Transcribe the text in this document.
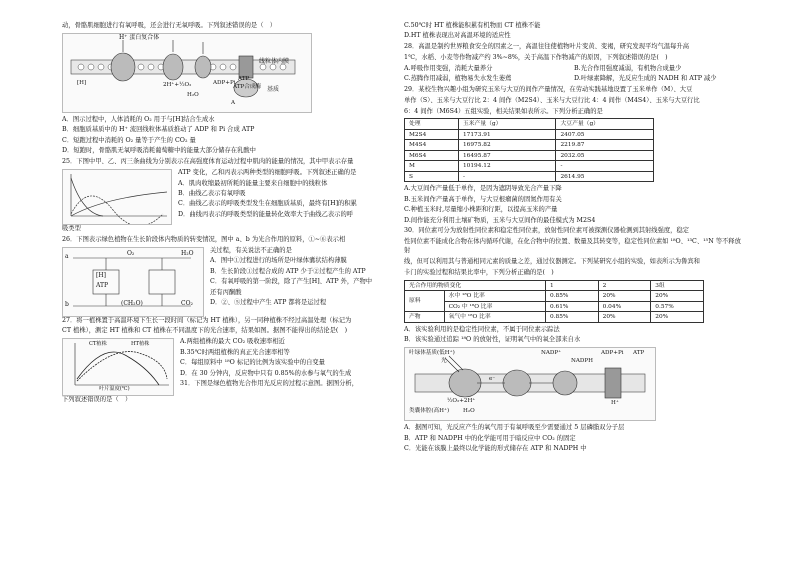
动，骨骼肌细胞进行有氧呼吸，还会进行无氧呼吸。下列叙述错误的是（　）

H⁺ 蛋白复合体
线粒体内膜
基质
ADP+Pi
ATP
ATP合成酶
2H⁺+½O₂
H₂O
[H]
A

A．图示过程中，人体消耗的 O₂ 用于与[H]结合生成水

B．细胞质基质中的 H⁺ 流回线粒体基质推动了 ADP 和 Pi 合成 ATP

C．短跑过程中消耗的 O₂ 量等于产生的 CO₂ 量

D．短跑时，骨骼肌无氧呼吸消耗葡萄糖中的能量大部分储存在乳酸中

25．下图中甲、乙、丙三条曲线为分别表示在高强度体育运动过程中肌肉的能量的情况，其中甲表示存量

ATP 变化，乙和丙表示两种类型的细胞呼吸。下列叙述正确的是

A．肌肉收缩最初所耗的能量主要来自细胞中的线粒体

B．曲线乙表示有氧呼吸

C．曲线乙表示的呼吸类型发生在细胞质基质，最终有[H]的积累

D．曲线丙表示的呼吸类型的能量转化效率大于曲线乙表示的呼

吸类型

26．下图表示绿色植物在生长阶段体内物质的转变情况，图中 a、b 为光合作用的原料，①~⑥表示相

a
[H]
ATP
b
O₂	H₂O
CO₂
(CH₂O)

关过程，有关说法不正确的是

A．图中①过程进行的场所是叶绿体囊状结构薄膜

B．生长阶段①过程合成的 ATP 少于②过程产生的 ATP

C．有氧呼吸的第一阶段，除了产生[H]、ATP 外，产物中

还有丙酮酸

D．②、⑤过程中产生 ATP 都将是运过程

27．将一植株置于高温环境下生长一段时间（标记为 HT 植株），另一同种植株不经过高温处理（标记为

CT 植株），测定 HT 植株和 CT 植株在不同温度下的光合速率，结果如图。据图不能得出的结论是(　)

CT植株	HT植株
叶片温度(℃)

A.两组植株的最大 CO₂ 吸收速率相近

B.35℃时两组植株的真正光合速率相等

C．每组原料中 ¹⁸O 标记的比例为该实验中的自变量

D．在 30 分钟内，反应物中只有 0.85%的水参与氧气的生成

31．下图是绿色植物光合作用光反应的过程示意图。据图分析，

下列叙述错误的是（　）

C.50℃时 HT 植株能积累有机物而 CT 植株不能

D.HT 植株表现出对高温环境的适应性

28．高温是制约世界粮食安全的因素之一，高温往往使植物叶片变黄、变褐，研究发现平均气温每升高

1℃，水稻、小麦等作物减产约 3%~8%，关于高温下作物减产的原因，下列叙述错误的是(　)

A.呼吸作用变强，消耗大量养分	B.光合作用强度减弱，有机物合成量少

C.蒸腾作用减弱，植物易失水发生萎蔫	D.叶绿素降解，光反应生成的 NADH 和 ATP 减少

29．某校生物兴趣小组为研究玉米与大豆的间作产量情况，在劳动实践基地设置了玉米单作（M）、大豆

单作（S）、玉米与大豆行比 2：4 间作（M2S4）、玉米与大豆行比 4：4 间作（M4S4）、玉米与大豆行比

6：4 间作（M6S4）五组实验，相关结果如表所示。下列分析正确的是

处理	玉米产量（g）	大豆产量（g）
M2S4	17173.91	2407.05
M4S4	16975.82	2219.87
M6S4	16495.87	2032.05
M	10194.12	-
S	-	2614.95

A.大豆间作产量低于单作，是因为遮阴导致光合产量下降

B.玉米间作产量高于单作，与大豆根瘤菌的固氮作用有关

C.种植玉米时,尽量缩小株距和行距，以提高玉米的产量

D.间作能充分利用土壤矿物质，玉米与大豆间作的最佳模式为 M2S4

30．同位素可分为放射性同位素和稳定性同位素，放射性同位素可被探测仪器检测到其射线强度，稳定

性同位素不能成化合物在体内循环代谢，在化合物中的位置、数量及其转变等，稳定性同位素如 ¹⁸O、¹³C、¹⁵N 等不释放射

线，但可以利用其与普通相同元素的质量之差，通过仪器测定。下列某研究小组的实验，如表所示为鲁宾和

卡门的实验过程和结果比率中，下列分析正确的是(　)

光合作用的物质变化		1	2	3组
原料	水中 ¹⁸O 比率	0.85%	20%	20%
	CO₂ 中 ¹⁸O 比率	0.61%	0.04%	0.57%
产物	氧气中 ¹⁸O 比率	0.85%	20%	20%

A．该实验利用的是稳定性同位素，不属于同位素示踪法

B．该实验通过追踪 ¹⁸O 的放射性，证明氧气中的氧全部来自水

叶绿体基质(低H⁺)	NADP⁺
NADPH
ADP+Pi ATP
类囊体腔(高H⁺)
½O₂+2H⁺
H₂O
光
e⁻
H⁺

A．据图可知，光反应产生的氧气用于有氧呼吸至少需要通过 5 层磷脂双分子层

B．ATP 和 NADPH 中的化学能可用于暗反应中 CO₂ 的固定

C．光能在该膜上最终以化学能的形式储存在 ATP 和 NADPH 中
